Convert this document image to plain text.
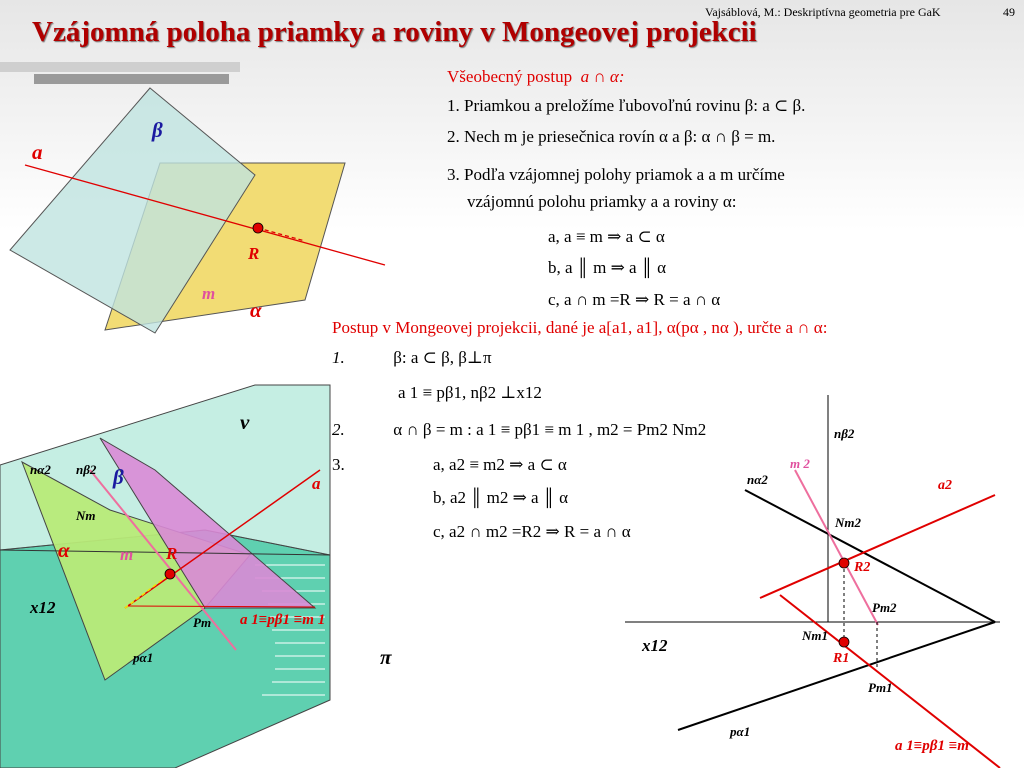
Vajsáblová, M.: Deskriptívna geometria pre GaK	49
Vzájomná poloha priamky a roviny v Mongeovej projekcii
Všeobecný postup a ∩ α:
1. Priamkou a preložíme ľubovoľnú rovinu β: a ⊂ β.
2. Nech m je priesečnica rovín α a β: α ∩ β = m.
3. Podľa vzájomnej polohy priamok a a m určíme
vzájomnú polohu priamky a a roviny α:
a, a ≡ m ⇒ a ⊂ α
b, a ║ m ⇒ a ║ α
c, a ∩ m =R ⇒ R = a ∩ α
Postup v Mongeovej projekcii, dané je a[a1, a1], α(pα , nα ), určte a ∩ α:
1.	β: a ⊂ β, β⊥π
a 1 ≡ pβ1, nβ2 ⊥x12
2.	α ∩ β = m : a 1 ≡ pβ1 ≡ m 1 , m2 = Pm2 Nm2
3.	a, a2 ≡ m2 ⇒ a ⊂ α
b, a2 ║ m2 ⇒ a ║ α
c, a2 ∩ m2 =R2 ⇒ R = a ∩ α
β
a
R
m
α
ν
nα2 nβ2 β	a
Nm
α	m R
x12
Pm a 1≡pβ1 ≡m 1
pα1	π
nβ2
m 2
nα2	a2
Nm2
R2
Pm2
x12
Nm1
R1
Pm1
pα1
a 1≡pβ1 ≡m
